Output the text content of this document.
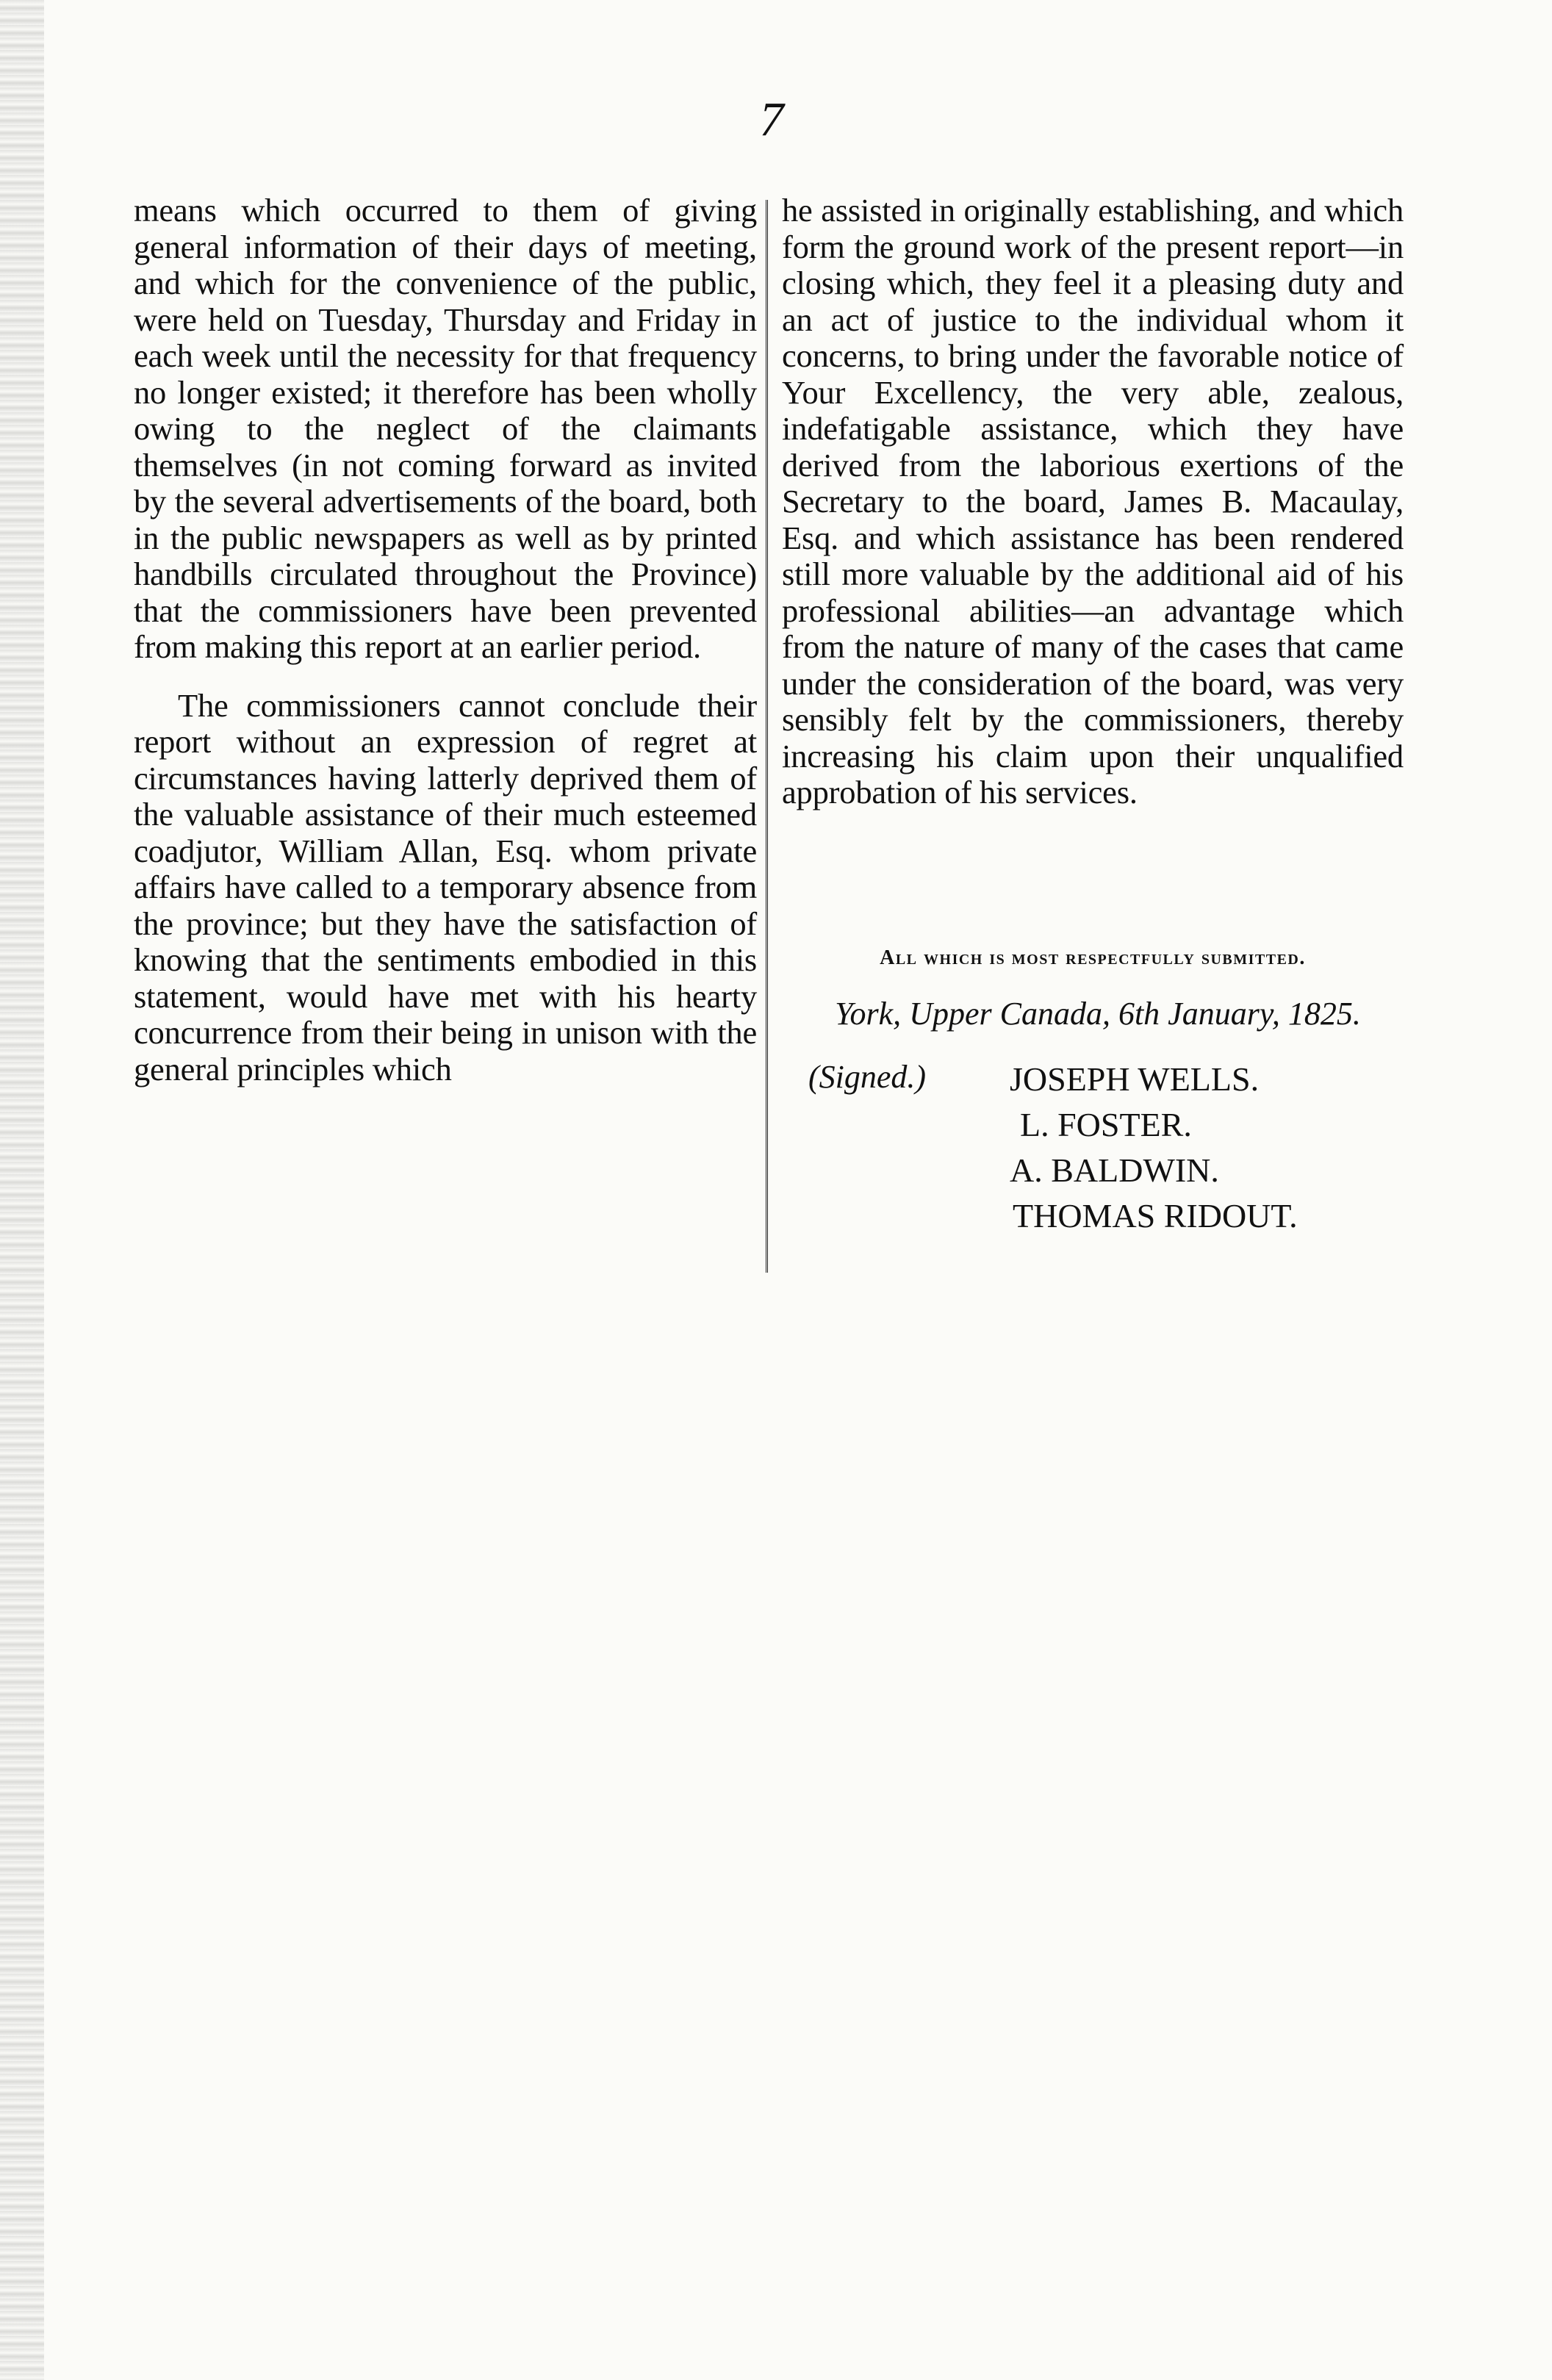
7

means which occurred to them of giving general information of their days of meeting, and which for the convenience of the public, were held on Tuesday, Thursday and Friday in each week until the necessity for that frequency no longer existed; it therefore has been wholly owing to the neglect of the claimants themselves (in not coming forward as invited by the several advertisements of the board, both in the public newspapers as well as by printed handbills circulated throughout the Province) that the commissioners have been prevented from making this report at an earlier period.

The commissioners cannot conclude their report without an expression of regret at circumstances having latterly deprived them of the valuable assistance of their much esteemed coadjutor, William Allan, Esq. whom private affairs have called to a temporary absence from the province; but they have the satisfaction of knowing that the sentiments embodied in this statement, would have met with his hearty concurrence from their being in unison with the general principles which

he assisted in originally establishing, and which form the ground work of the present report—in closing which, they feel it a pleasing duty and an act of justice to the individual whom it concerns, to bring under the favorable notice of Your Excellency, the very able, zealous, indefatigable assistance, which they have derived from the laborious exertions of the Secretary to the board, James B. Macaulay, Esq. and which assistance has been rendered still more valuable by the additional aid of his professional abilities—an advantage which from the nature of many of the cases that came under the consideration of the board, was very sensibly felt by the commissioners, thereby increasing his claim upon their unqualified approbation of his services.

All which is most respectfully submitted.
York, Upper Canada, 6th January, 1825.
(Signed.) JOSEPH WELLS.
L. FOSTER.
A. BALDWIN.
THOMAS RIDOUT.
